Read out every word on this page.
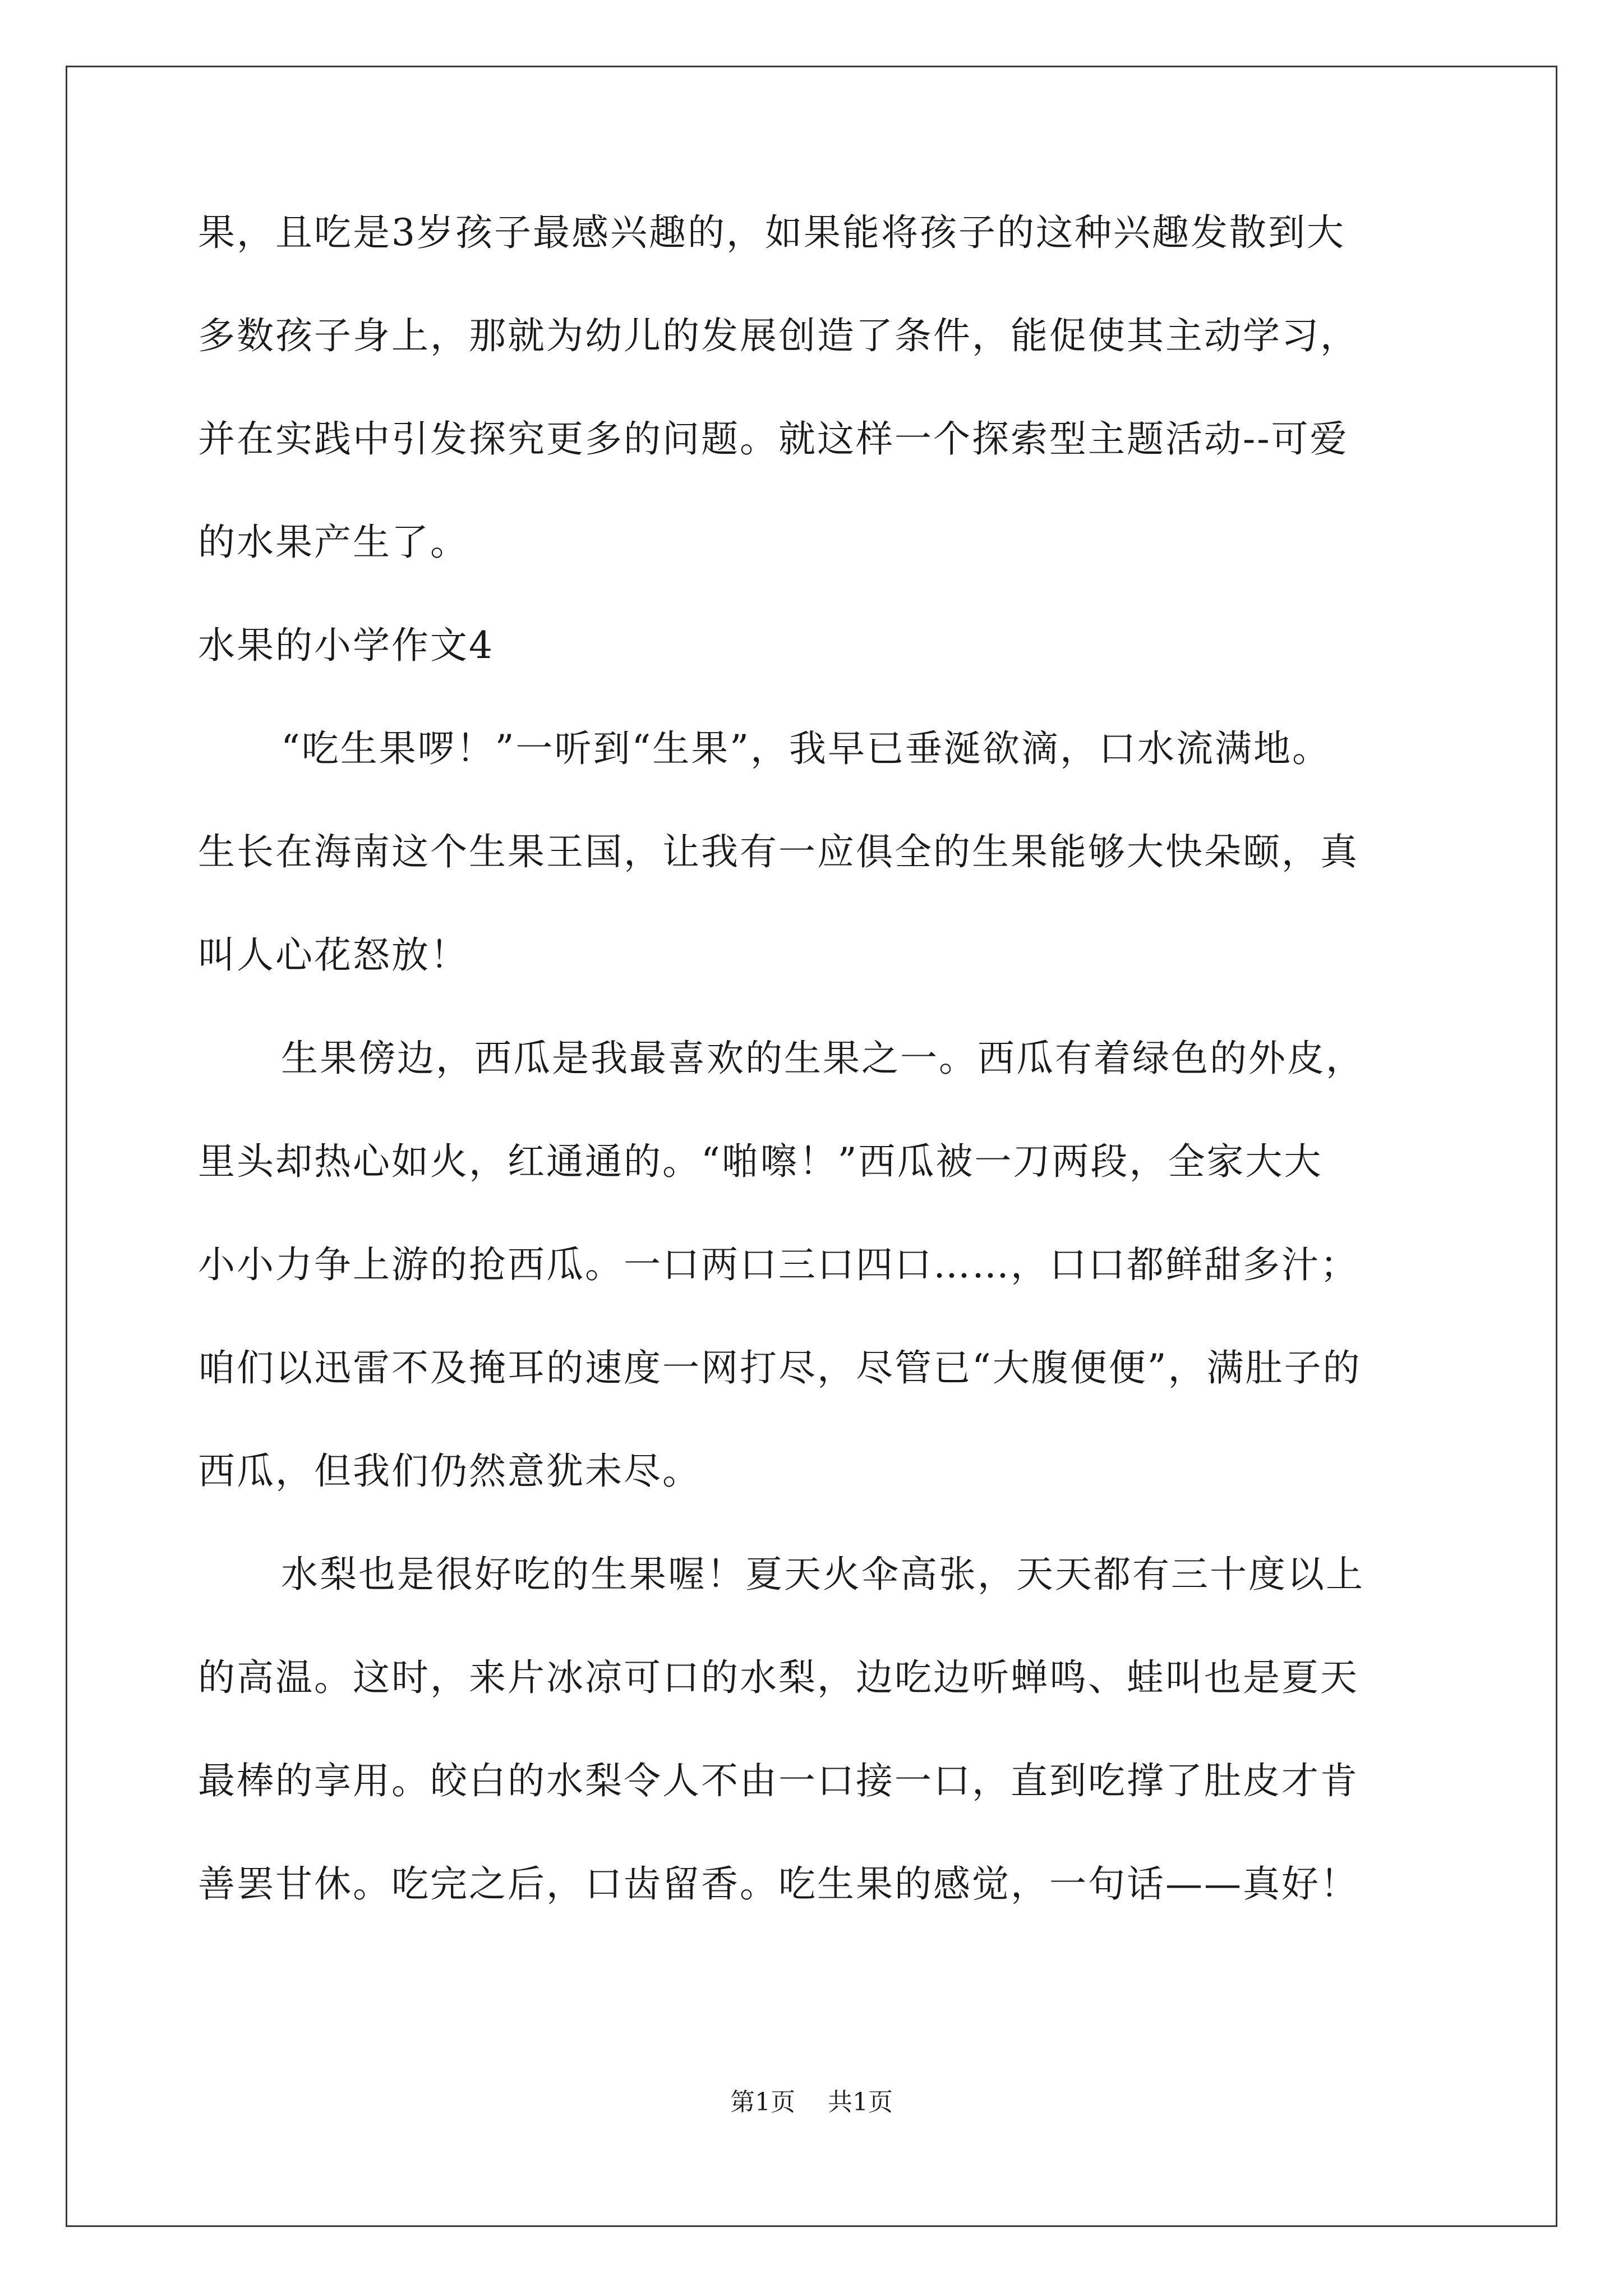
果，且吃是3岁孩子最感兴趣的，如果能将孩子的这种兴趣发散到大
多数孩子身上，那就为幼儿的发展创造了条件，能促使其主动学习，
并在实践中引发探究更多的问题。就这样一个探索型主题活动--可爱
的水果产生了。
水果的小学作文4
“吃生果啰！”一听到“生果”，我早已垂涎欲滴，口水流满地。
生长在海南这个生果王国，让我有一应俱全的生果能够大快朵颐，真
叫人心花怒放！
生果傍边，西瓜是我最喜欢的生果之一。西瓜有着绿色的外皮，
里头却热心如火，红通通的。“啪嚓！”西瓜被一刀两段，全家大大
小小力争上游的抢西瓜。一口两口三口四口……，口口都鲜甜多汁；
咱们以迅雷不及掩耳的速度一网打尽，尽管已“大腹便便”，满肚子的
西瓜，但我们仍然意犹未尽。
水梨也是很好吃的生果喔！夏天火伞高张，天天都有三十度以上
的高温。这时，来片冰凉可口的水梨，边吃边听蝉鸣、蛙叫也是夏天
最棒的享用。皎白的水梨令人不由一口接一口，直到吃撑了肚皮才肯
善罢甘休。吃完之后，口齿留香。吃生果的感觉，一句话——真好！
第1页 共1页
